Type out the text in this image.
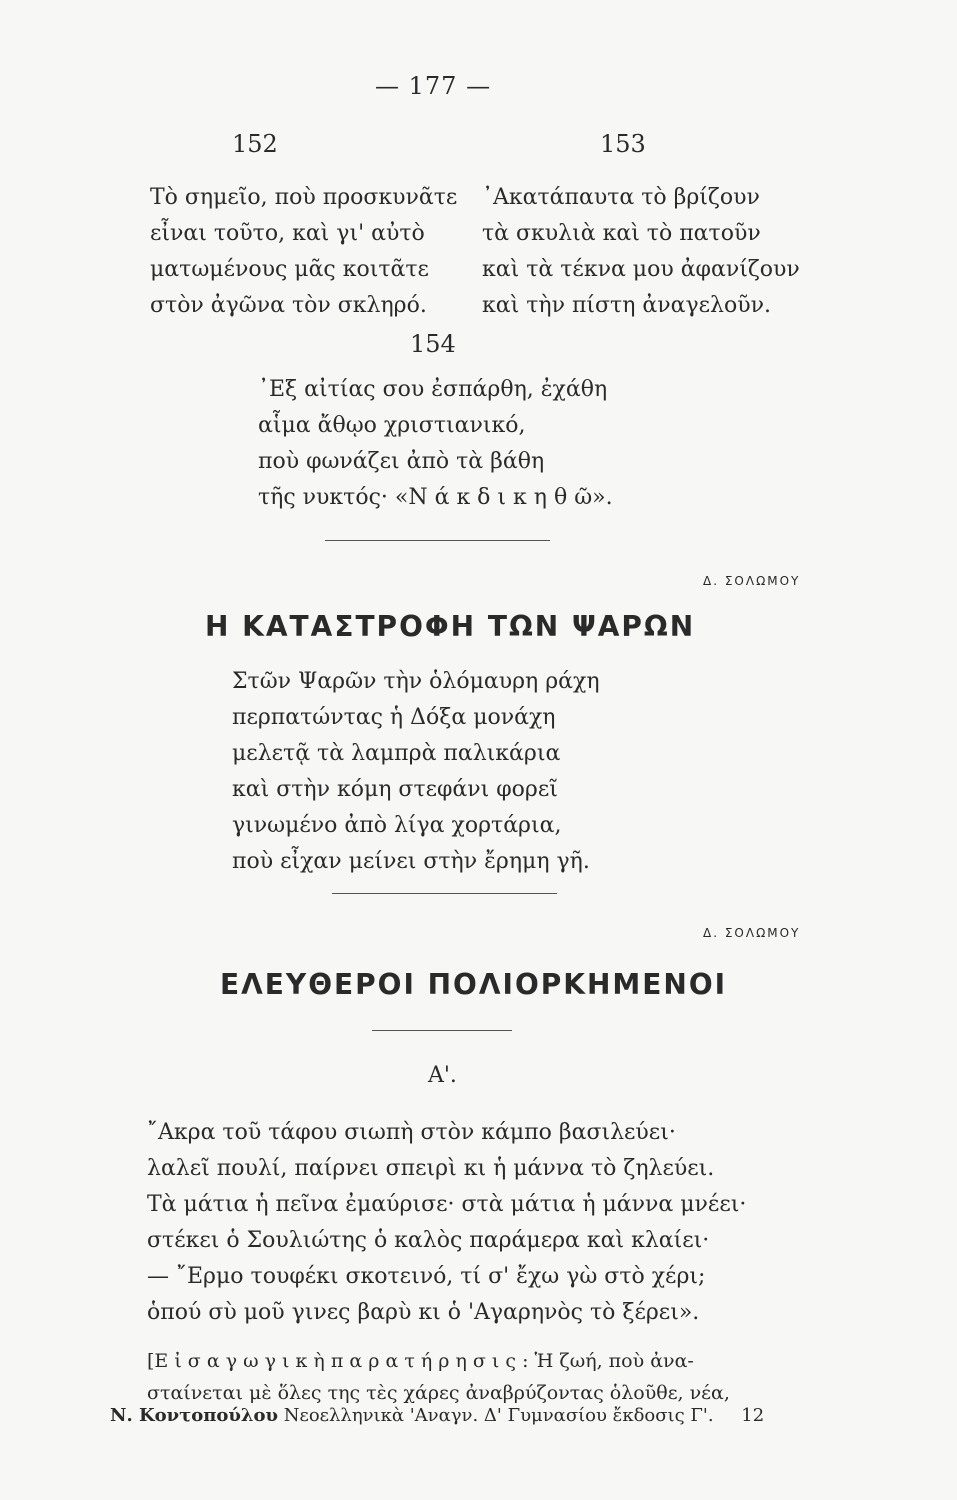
— 177 —
152
Τὸ σημεῖο, ποὺ προσκυνᾶτε
εἶναι τοῦτο, καὶ γι' αὐτὸ
ματωμένους μᾶς κοιτᾶτε
στὸν ἀγῶνα τὸν σκληρό.
153
᾿Ακατάπαυτα τὸ βρίζουν
τὰ σκυλιὰ καὶ τὸ πατοῦν
καὶ τὰ τέκνα μου ἀφανίζουν
καὶ τὴν πίστη ἀναγελοῦν.
154
᾿Εξ αἰτίας σου ἐσπάρθη, ἐχάθη
αἷμα ἄθῳο χριστιανικό,
ποὺ φωνάζει ἀπὸ τὰ βάθη
τῆς νυκτός· «Ν ά κ δ ι κ η θ ῶ».
Δ. ΣΟΛΩΜΟΥ
Η ΚΑΤΑΣΤΡΟΦΗ ΤΩΝ ΨΑΡΩΝ
Στῶν Ψαρῶν τὴν ὁλόμαυρη ράχη
περπατώντας ἡ Δόξα μονάχη
μελετᾷ τὰ λαμπρὰ παλικάρια
καὶ στὴν κόμη στεφάνι φορεῖ
γινωμένο ἀπὸ λίγα χορτάρια,
ποὺ εἶχαν μείνει στὴν ἔρημη γῆ.
Δ. ΣΟΛΩΜΟΥ
ΕΛΕΥΘΕΡΟΙ ΠΟΛΙΟΡΚΗΜΕΝΟΙ
Α'.
῎Ακρα τοῦ τάφου σιωπὴ στὸν κάμπο βασιλεύει·
λαλεῖ πουλί, παίρνει σπειρὶ κι ἡ μάννα τὸ ζηλεύει.
Τὰ μάτια ἡ πεῖνα ἐμαύρισε· στὰ μάτια ἡ μάννα μνέει·
στέκει ὁ Σουλιώτης ὁ καλὸς παράμερα καὶ κλαίει·
— ῎Ερμο τουφέκι σκοτεινό, τί σ' ἔχω γὼ στὸ χέρι;
ὁπού σὺ μοῦ γινες βαρὺ κι ὁ 'Αγαρηνὸς τὸ ξέρει».
[Ε ἰ σ α γ ω γ ι κ ὴ π α ρ α τ ή ρ η σ ι ς : Ἡ ζωή, ποὺ ἀνα-
σταίνεται μὲ ὅλες της τὲς χάρες ἀναβρύζοντας ὁλοῦθε, νέα,
Ν. Κοντοπούλου Νεοελληνικὰ 'Αναγν. Δ' Γυμνασίου ἔκδοσις Γ'. 12
